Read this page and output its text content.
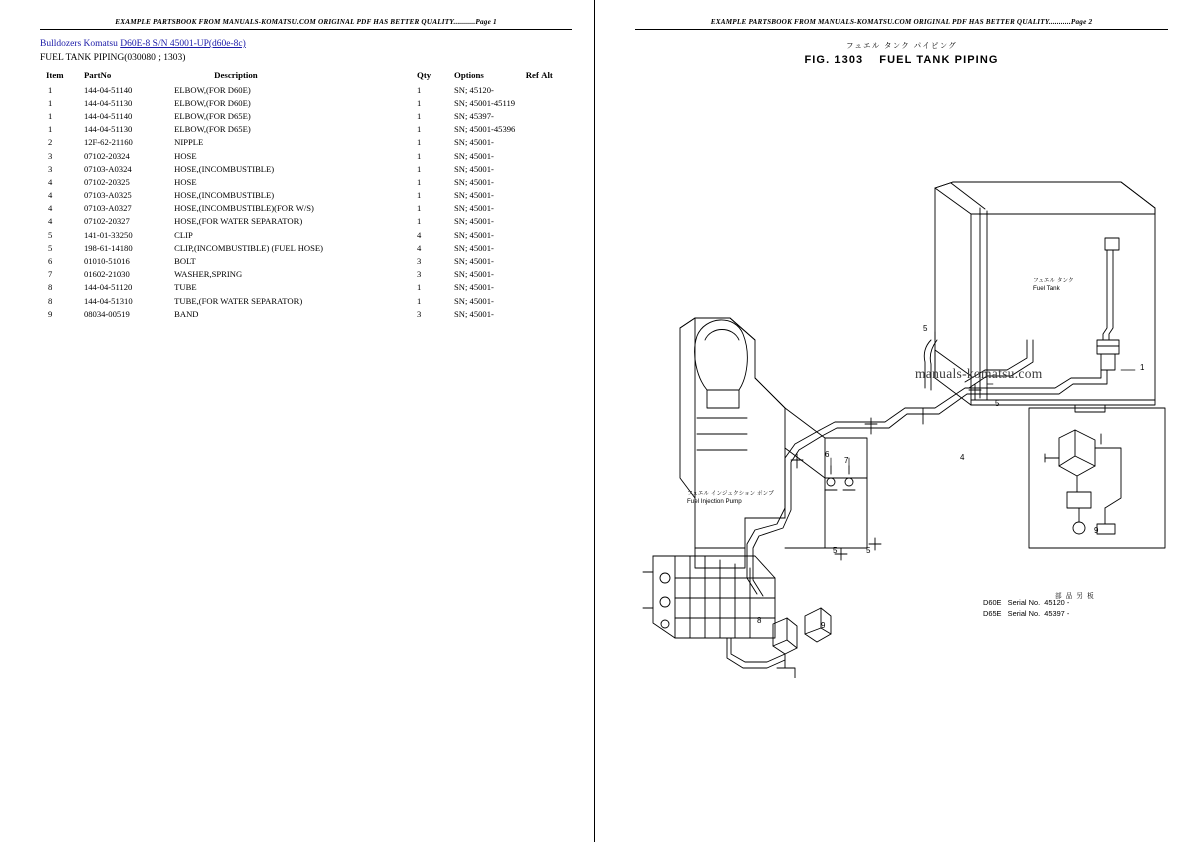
EXAMPLE PARTSBOOK FROM MANUALS-KOMATSU.COM ORIGINAL PDF HAS BETTER QUALITY...........Page 1
Bulldozers Komatsu D60E-8 S/N 45001-UP(d60e-8c)
FUEL TANK PIPING(030080 ; 1303)
Item	PartNo	Description	Qty	Options	Ref Alt
1	144-04-51140	ELBOW,(FOR D60E)	1	SN; 45120-	
1	144-04-51130	ELBOW,(FOR D60E)	1	SN; 45001-45119	
1	144-04-51140	ELBOW,(FOR D65E)	1	SN; 45397-	
1	144-04-51130	ELBOW,(FOR D65E)	1	SN; 45001-45396	
2	12F-62-21160	NIPPLE	1	SN; 45001-	
3	07102-20324	HOSE	1	SN; 45001-	
3	07103-A0324	HOSE,(INCOMBUSTIBLE)	1	SN; 45001-	
4	07102-20325	HOSE	1	SN; 45001-	
4	07103-A0325	HOSE,(INCOMBUSTIBLE)	1	SN; 45001-	
4	07103-A0327	HOSE,(INCOMBUSTIBLE)(FOR W/S)	1	SN; 45001-	
4	07102-20327	HOSE,(FOR WATER SEPARATOR)	1	SN; 45001-	
5	141-01-33250	CLIP	4	SN; 45001-	
5	198-61-14180	CLIP,(INCOMBUSTIBLE) (FUEL HOSE)	4	SN; 45001-	
6	01010-51016	BOLT	3	SN; 45001-	
7	01602-21030	WASHER,SPRING	3	SN; 45001-	
8	144-04-51120	TUBE	1	SN; 45001-	
8	144-04-51310	TUBE,(FOR WATER SEPARATOR)	1	SN; 45001-	
9	08034-00519	BAND	3	SN; 45001-	
EXAMPLE PARTSBOOK FROM MANUALS-KOMATSU.COM ORIGINAL PDF HAS BETTER QUALITY...........Page 2
フュエル タンク パイピング
FIG. 1303 FUEL TANK PIPING
フュエル タンク
Fuel Tank
フュエル インジェクション ポンプ
Fuel Injection Pump
1
4
5
5
5
5
6
7
8
9
9
部 品 另 板
D60E Serial No. 45120 -
D65E Serial No. 45397 -
manuals-komatsu.com
